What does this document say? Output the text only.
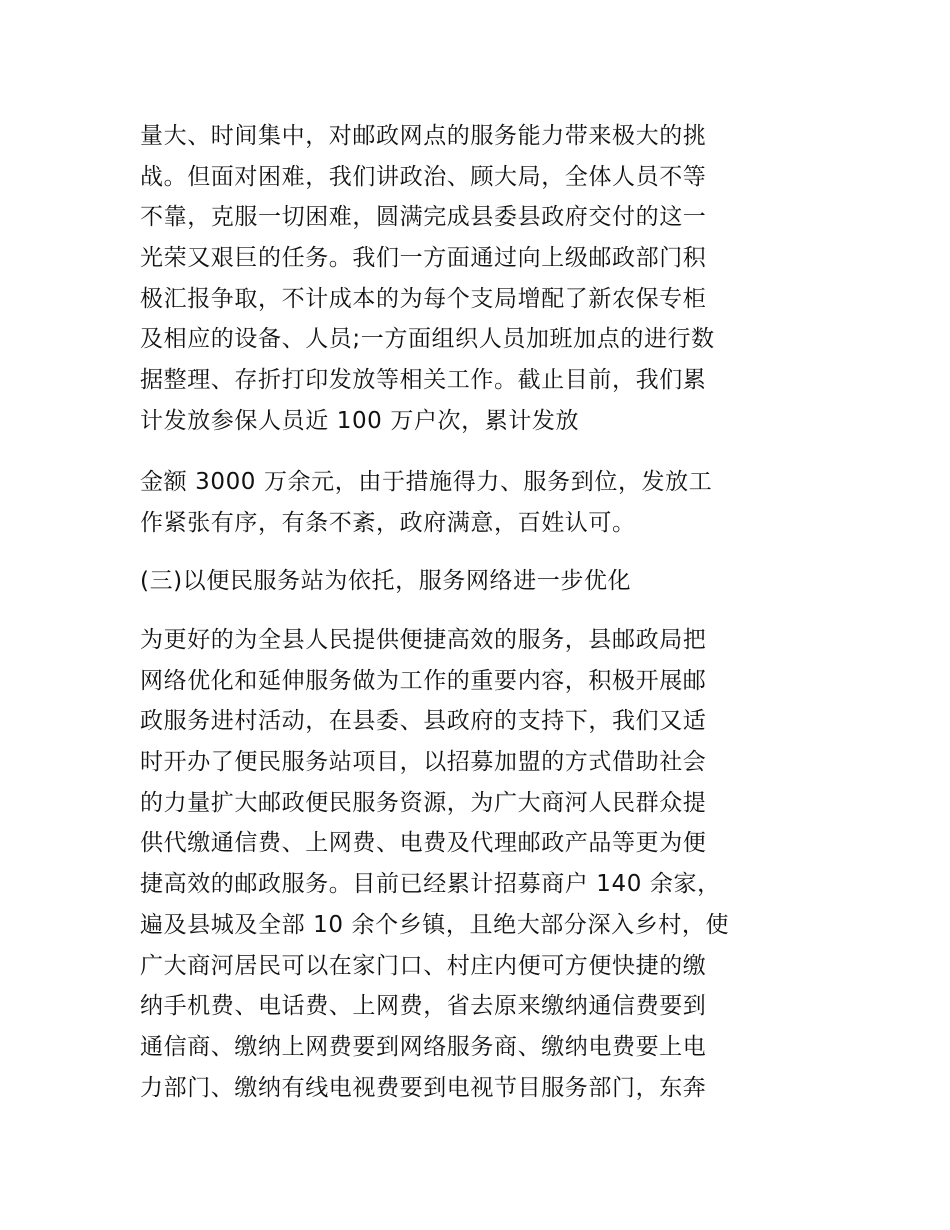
量大、时间集中，对邮政网点的服务能力带来极大的挑
战。但面对困难，我们讲政治、顾大局，全体人员不等
不靠，克服一切困难，圆满完成县委县政府交付的这一
光荣又艰巨的任务。我们一方面通过向上级邮政部门积
极汇报争取，不计成本的为每个支局增配了新农保专柜
及相应的设备、人员;一方面组织人员加班加点的进行数
据整理、存折打印发放等相关工作。截止目前，我们累
计发放参保人员近 100 万户次，累计发放
金额 3000 万余元，由于措施得力、服务到位，发放工
作紧张有序，有条不紊，政府满意，百姓认可。
(三)以便民服务站为依托，服务网络进一步优化
为更好的为全县人民提供便捷高效的服务，县邮政局把
网络优化和延伸服务做为工作的重要内容，积极开展邮
政服务进村活动，在县委、县政府的支持下，我们又适
时开办了便民服务站项目，以招募加盟的方式借助社会
的力量扩大邮政便民服务资源，为广大商河人民群众提
供代缴通信费、上网费、电费及代理邮政产品等更为便
捷高效的邮政服务。目前已经累计招募商户 140 余家，
遍及县城及全部 10 余个乡镇，且绝大部分深入乡村，使
广大商河居民可以在家门口、村庄内便可方便快捷的缴
纳手机费、电话费、上网费，省去原来缴纳通信费要到
通信商、缴纳上网费要到网络服务商、缴纳电费要上电
力部门、缴纳有线电视费要到电视节目服务部门，东奔
